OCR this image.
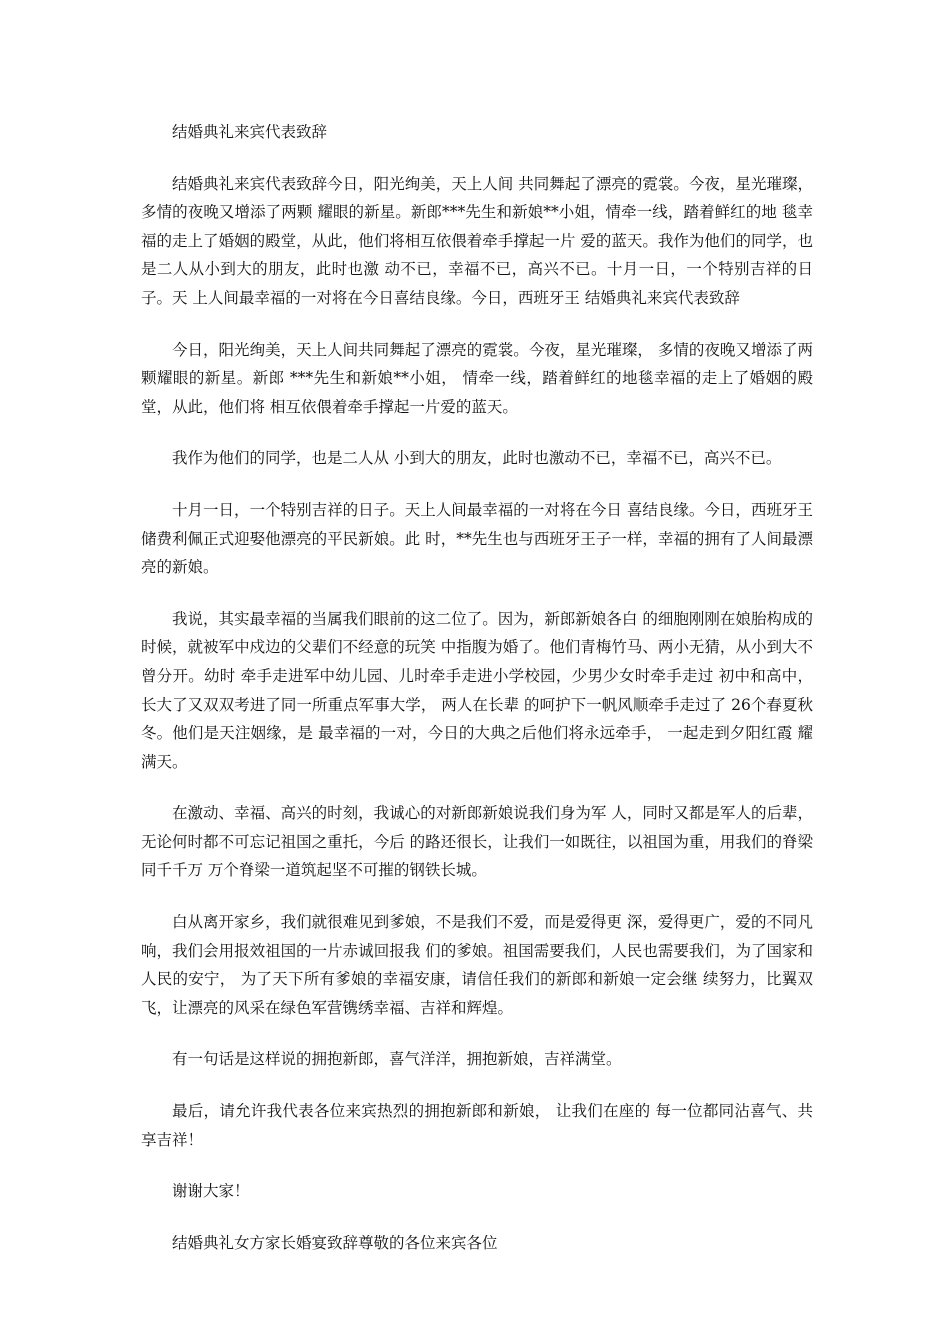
结婚典礼来宾代表致辞

结婚典礼来宾代表致辞今日，阳光绚美，天上人间 共同舞起了漂亮的霓裳。今夜，星光璀璨，多情的夜晚又增添了两颗 耀眼的新星。新郎***先生和新娘**小姐，情牵一线，踏着鲜红的地 毯幸福的走上了婚姻的殿堂，从此，他们将相互依偎着牵手撑起一片 爱的蓝天。我作为他们的同学，也是二人从小到大的朋友，此时也激 动不已，幸福不已，高兴不已。十月一日，一个特别吉祥的日子。天 上人间最幸福的一对将在今日喜结良缘。今日，西班牙王 结婚典礼来宾代表致辞

今日，阳光绚美，天上人间共同舞起了漂亮的霓裳。今夜，星光璀璨， 多情的夜晚又增添了两颗耀眼的新星。新郎 ***先生和新娘**小姐， 情牵一线，踏着鲜红的地毯幸福的走上了婚姻的殿堂，从此，他们将 相互依偎着牵手撑起一片爱的蓝天。

我作为他们的同学，也是二人从 小到大的朋友，此时也激动不已，幸福不已，高兴不已。

十月一日，一个特别吉祥的日子。天上人间最幸福的一对将在今日 喜结良缘。今日，西班牙王储费利佩正式迎娶他漂亮的平民新娘。此 时，**先生也与西班牙王子一样，幸福的拥有了人间最漂亮的新娘。

我说，其实最幸福的当属我们眼前的这二位了。因为，新郎新娘各白 的细胞刚刚在娘胎构成的时候，就被军中戍边的父辈们不经意的玩笑 中指腹为婚了。他们青梅竹马、两小无猜，从小到大不曾分开。幼时 牵手走进军中幼儿园、儿时牵手走进小学校园，少男少女时牵手走过 初中和高中，长大了又双双考进了同一所重点军事大学， 两人在长辈 的呵护下一帆风顺牵手走过了 26个春夏秋冬。他们是天注姻缘，是 最幸福的一对，今日的大典之后他们将永远牵手， 一起走到夕阳红霞 耀满天。

在激动、幸福、高兴的时刻，我诚心的对新郎新娘说我们身为军 人，同时又都是军人的后辈，无论何时都不可忘记祖国之重托，今后 的路还很长，让我们一如既往，以祖国为重，用我们的脊梁同千千万 万个脊梁一道筑起坚不可摧的钢铁长城。

白从离开家乡，我们就很难见到爹娘，不是我们不爱，而是爱得更 深，爱得更广，爱的不同凡响，我们会用报效祖国的一片赤诚回报我 们的爹娘。祖国需要我们，人民也需要我们，为了国家和人民的安宁， 为了天下所有爹娘的幸福安康，请信任我们的新郎和新娘一定会继 续努力，比翼双飞，让漂亮的风采在绿色军营镌绣幸福、吉祥和辉煌。

有一句话是这样说的拥抱新郎，喜气洋洋，拥抱新娘，吉祥满堂。

最后，请允许我代表各位来宾热烈的拥抱新郎和新娘， 让我们在座的 每一位都同沾喜气、共享吉祥！

谢谢大家！

结婚典礼女方家长婚宴致辞尊敬的各位来宾各位
